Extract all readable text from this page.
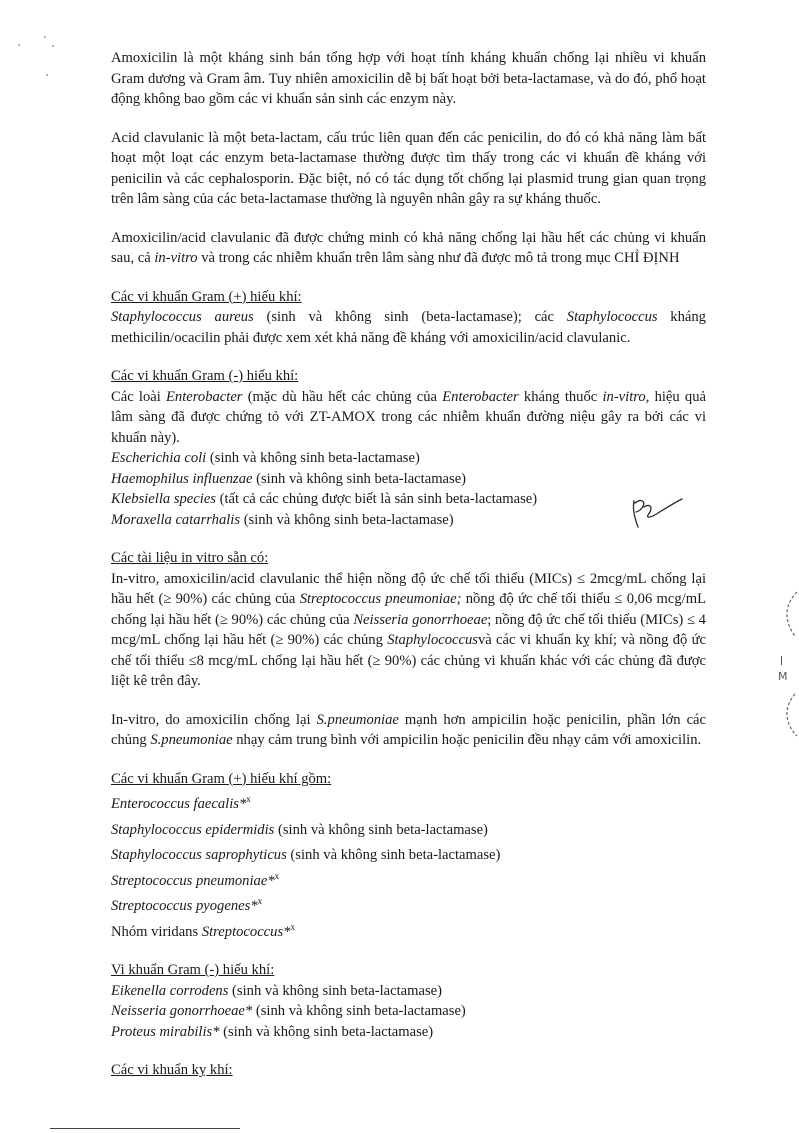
Amoxicilin là một kháng sinh bán tổng hợp với hoạt tính kháng khuẩn chống lại nhiều vi khuẩn Gram dương và Gram âm. Tuy nhiên amoxicilin dễ bị bất hoạt bởi beta-lactamase, và do đó, phổ hoạt động không bao gồm các vi khuẩn sản sinh các enzym này.

Acid clavulanic là một beta-lactam, cấu trúc liên quan đến các penicilin, do đó có khả năng làm bất hoạt một loạt các enzym beta-lactamase thường được tìm thấy trong các vi khuẩn đề kháng với penicilin và các cephalosporin. Đặc biệt, nó có tác dụng tốt chống lại plasmid trung gian quan trọng trên lâm sàng của các beta-lactamase thường là nguyên nhân gây ra sự kháng thuốc.

Amoxicilin/acid clavulanic đã được chứng minh có khả năng chống lại hầu hết các chủng vi khuẩn sau, cả in-vitro và trong các nhiễm khuẩn trên lâm sàng như đã được mô tả trong mục CHỈ ĐỊNH

Các vi khuẩn Gram (+) hiếu khí:

Staphylococcus aureus (sinh và không sinh (beta-lactamase); các Staphylococcus kháng methicilin/ocacilin phải được xem xét khả năng đề kháng với amoxicilin/acid clavulanic.

Các vi khuẩn Gram (-) hiếu khí:

Các loài Enterobacter (mặc dù hầu hết các chủng của Enterobacter kháng thuốc in-vitro, hiệu quả lâm sàng đã được chứng tỏ với ZT-AMOX trong các nhiễm khuẩn đường niệu gây ra bởi các vi khuẩn này).

Escherichia coli (sinh và không sinh beta-lactamase)

Haemophilus influenzae (sinh và không sinh beta-lactamase)

Klebsiella species (tất cả các chủng được biết là sản sinh beta-lactamase)

Moraxella catarrhalis (sinh và không sinh beta-lactamase)

Các tài liệu in vitro sẵn có:

In-vitro, amoxicilin/acid clavulanic thể hiện nồng độ ức chế tối thiểu (MICs) ≤ 2mcg/mL chống lại hầu hết (≥ 90%) các chủng của Streptococcus pneumoniae; nồng độ ức chế tối thiểu ≤ 0,06 mcg/mL chống lại hầu hết (≥ 90%) các chủng của Neisseria gonorrhoeae; nồng độ ức chế tối thiểu (MICs) ≤ 4 mcg/mL chống lại hầu hết (≥ 90%) các chủng Staphylococcusvà các vi khuẩn kỵ khí; và nồng độ ức chế tối thiểu ≤8 mcg/mL chống lại hầu hết (≥ 90%) các chủng vi khuẩn khác với các chủng đã được liệt kê trên đây.

In-vitro, do amoxicilin chống lại S.pneumoniae mạnh hơn ampicilin hoặc penicilin, phần lớn các chủng S.pneumoniae nhạy cảm trung bình với ampicilin hoặc penicilin đều nhạy cảm với amoxicilin.

Các vi khuẩn Gram (+) hiếu khí gồm:

Enterococcus faecalis*$^x$

Staphylococcus epidermidis (sinh và không sinh beta-lactamase)

Staphylococcus saprophyticus (sinh và không sinh beta-lactamase)

Streptococcus pneumoniae*$^x$

Streptococcus pyogenes*$^x$

Nhóm viridans Streptococcus*$^x$

Vi khuẩn Gram (-) hiếu khí:

Eikenella corrodens (sinh và không sinh beta-lactamase)

Neisseria gonorrhoeae* (sinh và không sinh beta-lactamase)

Proteus mirabilis* (sinh và không sinh beta-lactamase)

Các vi khuẩn kỵ khí:

M
